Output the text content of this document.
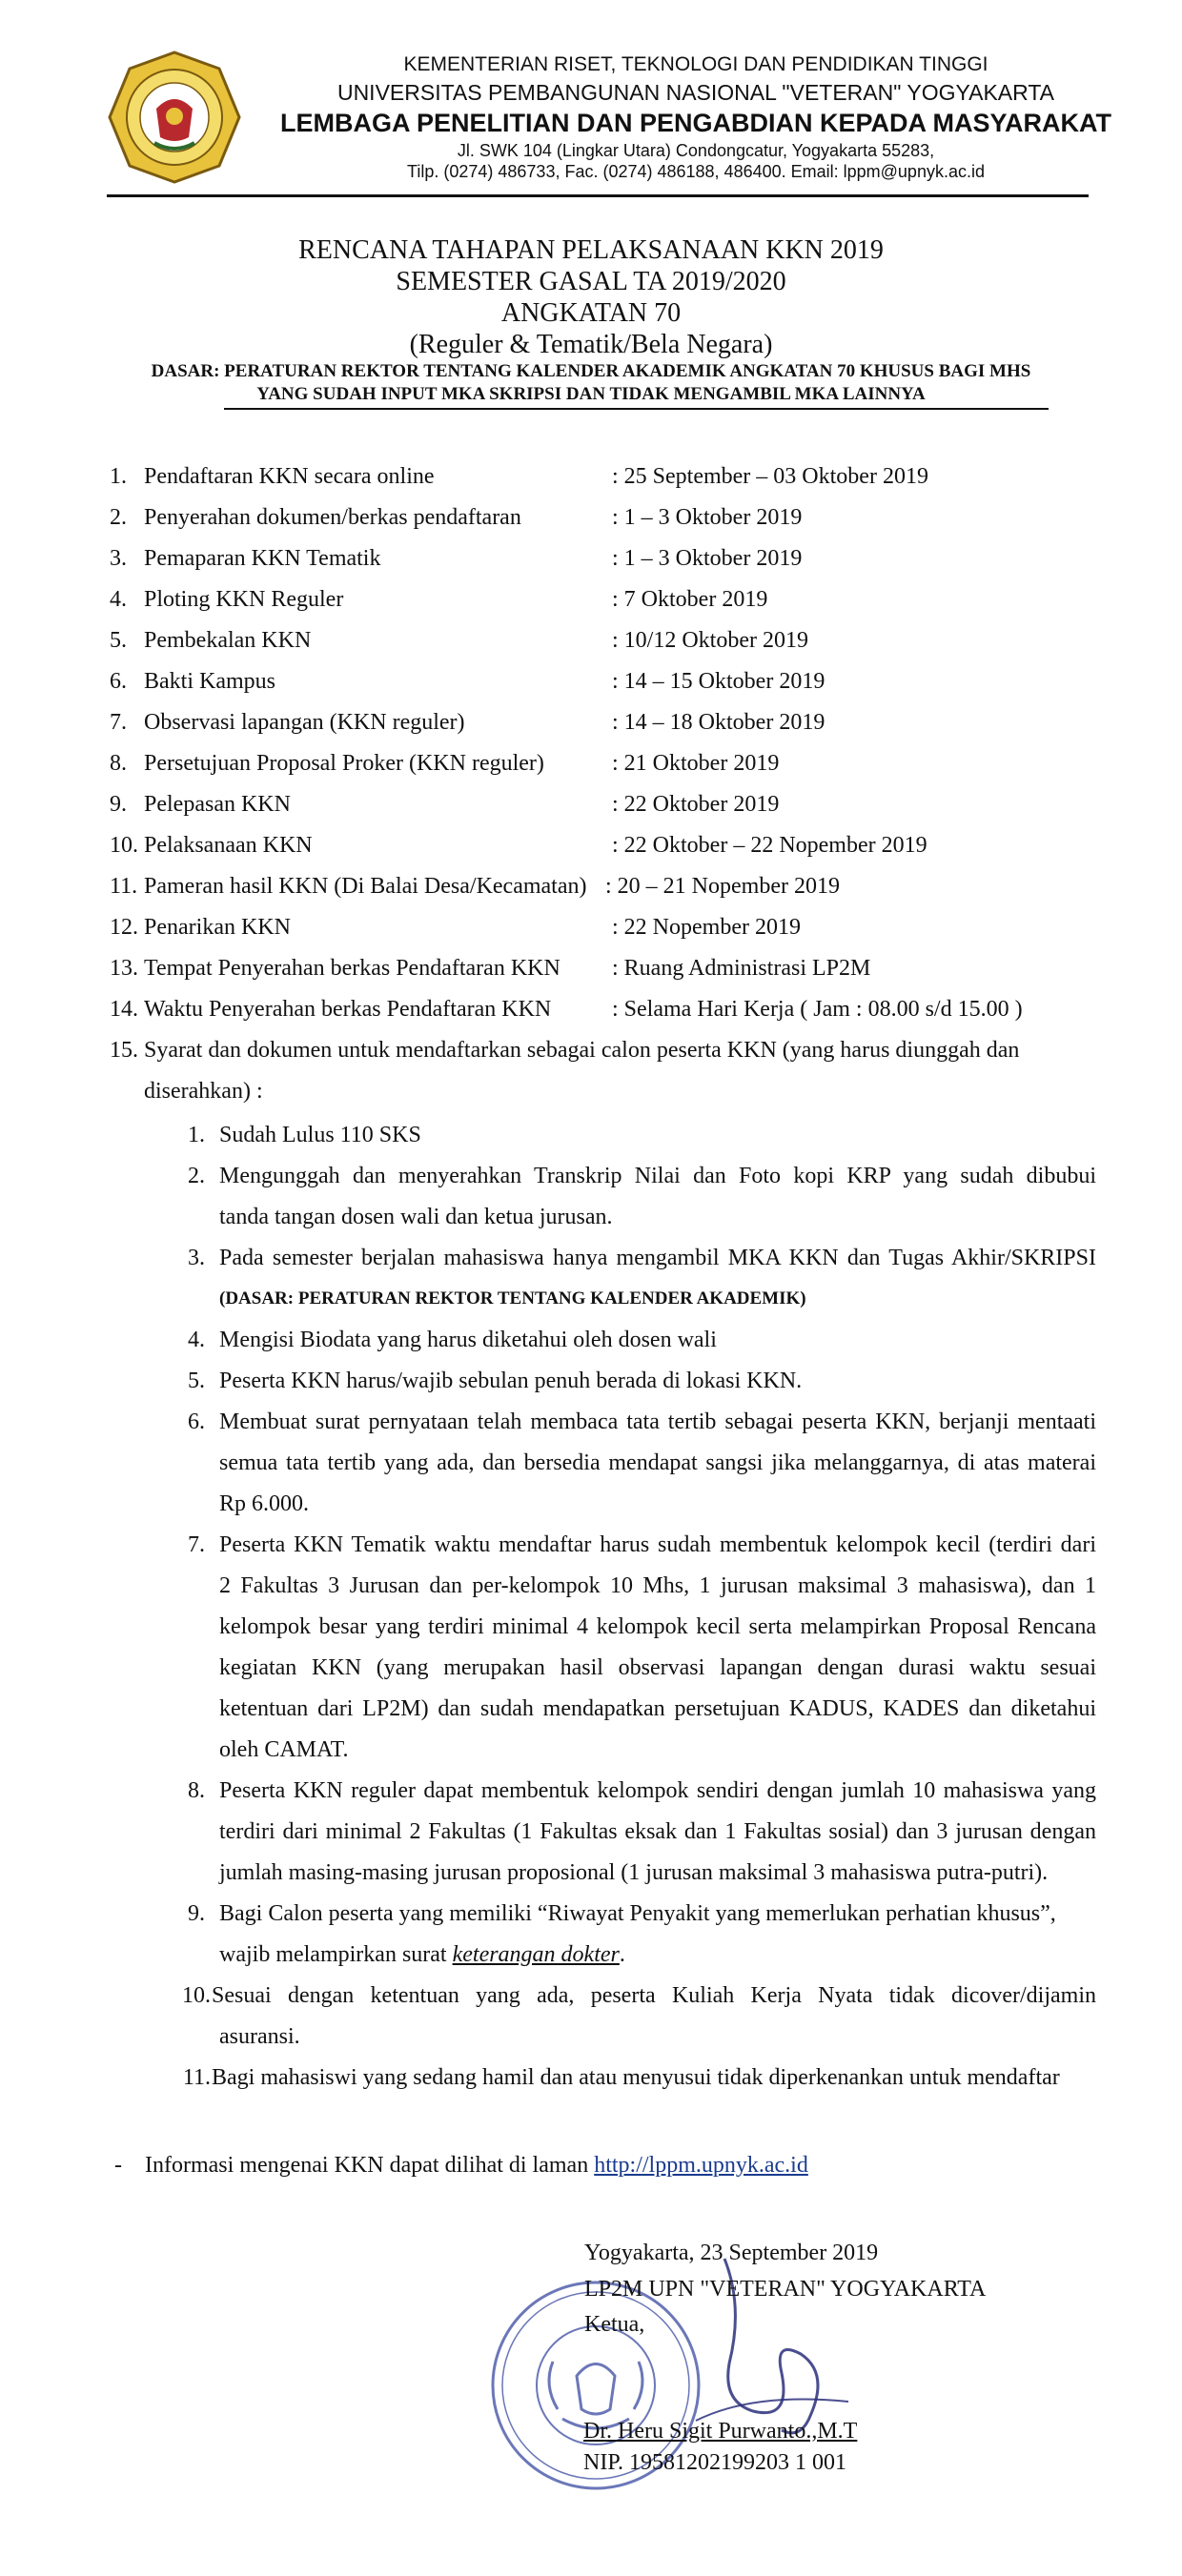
KEMENTERIAN RISET, TEKNOLOGI DAN PENDIDIKAN TINGGI
UNIVERSITAS PEMBANGUNAN NASIONAL "VETERAN" YOGYAKARTA
LEMBAGA PENELITIAN DAN PENGABDIAN KEPADA MASYARAKAT
Jl. SWK 104 (Lingkar Utara) Condongcatur, Yogyakarta 55283,
Tilp. (0274) 486733, Fac. (0274) 486188, 486400. Email: lppm@upnyk.ac.id
RENCANA TAHAPAN PELAKSANAAN KKN 2019
SEMESTER GASAL TA 2019/2020
ANGKATAN 70
(Reguler & Tematik/Bela Negara)
DASAR: PERATURAN REKTOR TENTANG KALENDER AKADEMIK ANGKATAN 70 KHUSUS BAGI MHS
YANG SUDAH INPUT MKA SKRIPSI DAN TIDAK MENGAMBIL MKA LAINNYA
1. Pendaftaran KKN secara online	: 25 September – 03 Oktober 2019
2. Penyerahan dokumen/berkas pendaftaran	: 1 – 3 Oktober 2019
3. Pemaparan KKN Tematik	: 1 – 3 Oktober 2019
4. Ploting KKN Reguler	: 7 Oktober 2019
5. Pembekalan KKN	: 10/12 Oktober 2019
6. Bakti Kampus	: 14 – 15 Oktober 2019
7. Observasi lapangan (KKN reguler)	: 14 – 18 Oktober 2019
8. Persetujuan Proposal Proker (KKN reguler)	: 21 Oktober 2019
9. Pelepasan KKN	: 22 Oktober 2019
10. Pelaksanaan KKN	: 22 Oktober – 22 Nopember 2019
11. Pameran hasil KKN (Di Balai Desa/Kecamatan) : 20 – 21 Nopember 2019
12. Penarikan KKN	: 22 Nopember 2019
13. Tempat Penyerahan berkas Pendaftaran KKN : Ruang Administrasi LP2M
14. Waktu Penyerahan berkas Pendaftaran KKN	: Selama Hari Kerja ( Jam : 08.00 s/d 15.00 )
15. Syarat dan dokumen untuk mendaftarkan sebagai calon peserta KKN (yang harus diunggah dan
diserahkan) :
1. Sudah Lulus 110 SKS
2. Mengunggah dan menyerahkan Transkrip Nilai dan Foto kopi KRP yang sudah dibubui
tanda tangan dosen wali dan ketua jurusan.
3. Pada semester berjalan mahasiswa hanya mengambil MKA KKN dan Tugas Akhir/SKRIPSI
(DASAR: PERATURAN REKTOR TENTANG KALENDER AKADEMIK)
4. Mengisi Biodata yang harus diketahui oleh dosen wali
5. Peserta KKN harus/wajib sebulan penuh berada di lokasi KKN.
6. Membuat surat pernyataan telah membaca tata tertib sebagai peserta KKN, berjanji mentaati
semua tata tertib yang ada, dan bersedia mendapat sangsi jika melanggarnya, di atas materai
Rp 6.000.
7. Peserta KKN Tematik waktu mendaftar harus sudah membentuk kelompok kecil (terdiri dari
2 Fakultas 3 Jurusan dan per-kelompok 10 Mhs, 1 jurusan maksimal 3 mahasiswa), dan 1
kelompok besar yang terdiri minimal 4 kelompok kecil serta melampirkan Proposal Rencana
kegiatan KKN (yang merupakan hasil observasi lapangan dengan durasi waktu sesuai
ketentuan dari LP2M) dan sudah mendapatkan persetujuan KADUS, KADES dan diketahui
oleh CAMAT.
8. Peserta KKN reguler dapat membentuk kelompok sendiri dengan jumlah 10 mahasiswa yang
terdiri dari minimal 2 Fakultas (1 Fakultas eksak dan 1 Fakultas sosial) dan 3 jurusan dengan
jumlah masing-masing jurusan proposional (1 jurusan maksimal 3 mahasiswa putra-putri).
9. Bagi Calon peserta yang memiliki “Riwayat Penyakit yang memerlukan perhatian khusus”,
wajib melampirkan surat keterangan dokter.
10. Sesuai dengan ketentuan yang ada, peserta Kuliah Kerja Nyata tidak dicover/dijamin
asuransi.
11. Bagi mahasiswi yang sedang hamil dan atau menyusui tidak diperkenankan untuk mendaftar
- Informasi mengenai KKN dapat dilihat di laman http://lppm.upnyk.ac.id
Yogyakarta, 23 September 2019
LP2M UPN "VETERAN" YOGYAKARTA
Ketua,
Dr. Heru Sigit Purwanto.,M.T
NIP. 19581202199203 1 001
